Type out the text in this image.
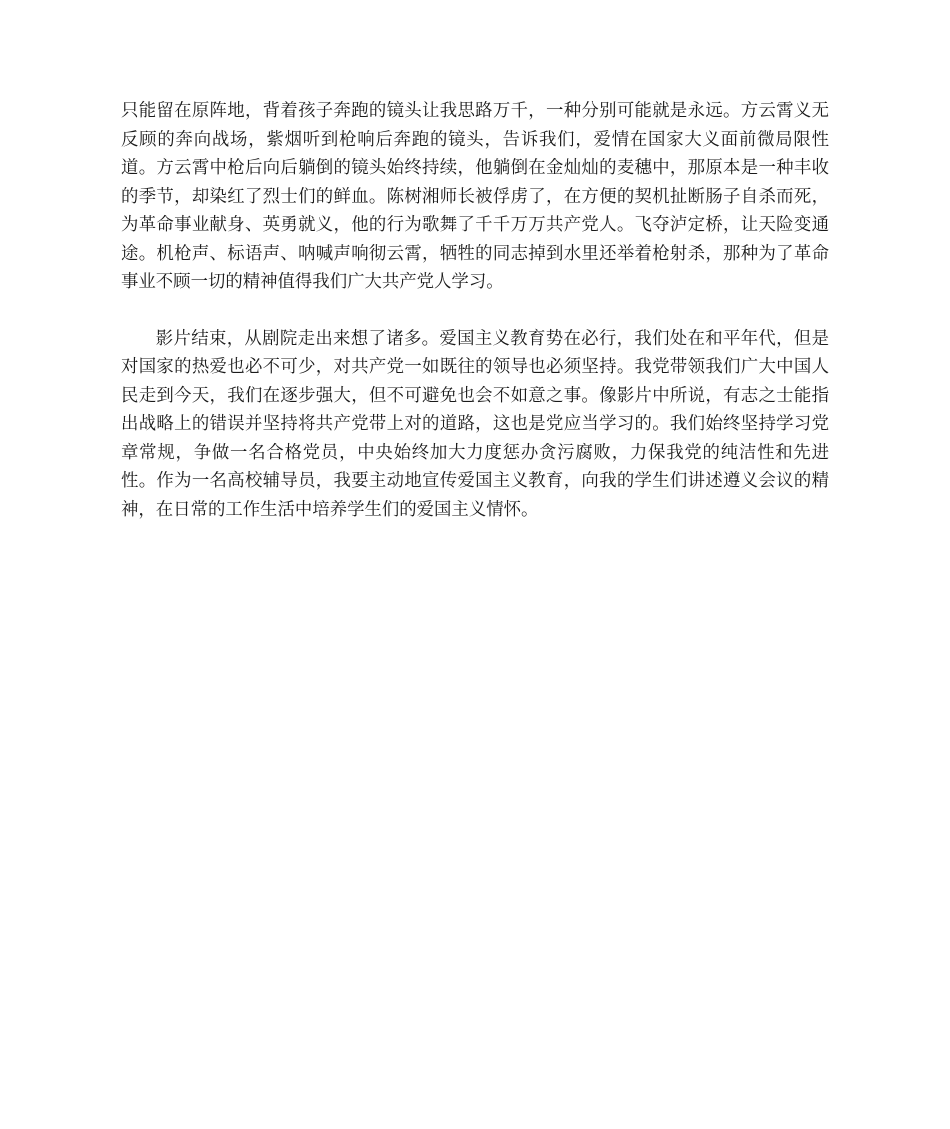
只能留在原阵地，背着孩子奔跑的镜头让我思路万千，一种分别可能就是永远。方云霄义无反顾的奔向战场，紫烟听到枪响后奔跑的镜头，告诉我们，爱情在国家大义面前微局限性道。方云霄中枪后向后躺倒的镜头始终持续，他躺倒在金灿灿的麦穗中，那原本是一种丰收的季节，却染红了烈士们的鲜血。陈树湘师长被俘虏了，在方便的契机扯断肠子自杀而死，为革命事业献身、英勇就义，他的行为歌舞了千千万万共产党人。飞夺泸定桥，让天险变通途。机枪声、标语声、呐喊声响彻云霄，牺牲的同志掉到水里还举着枪射杀，那种为了革命事业不顾一切的精神值得我们广大共产党人学习。

影片结束，从剧院走出来想了诸多。爱国主义教育势在必行，我们处在和平年代，但是对国家的热爱也必不可少，对共产党一如既往的领导也必须坚持。我党带领我们广大中国人民走到今天，我们在逐步强大，但不可避免也会不如意之事。像影片中所说，有志之士能指出战略上的错误并坚持将共产党带上对的道路，这也是党应当学习的。我们始终坚持学习党章常规，争做一名合格党员，中央始终加大力度惩办贪污腐败，力保我党的纯洁性和先进性。作为一名高校辅导员，我要主动地宣传爱国主义教育，向我的学生们讲述遵义会议的精神，在日常的工作生活中培养学生们的爱国主义情怀。
